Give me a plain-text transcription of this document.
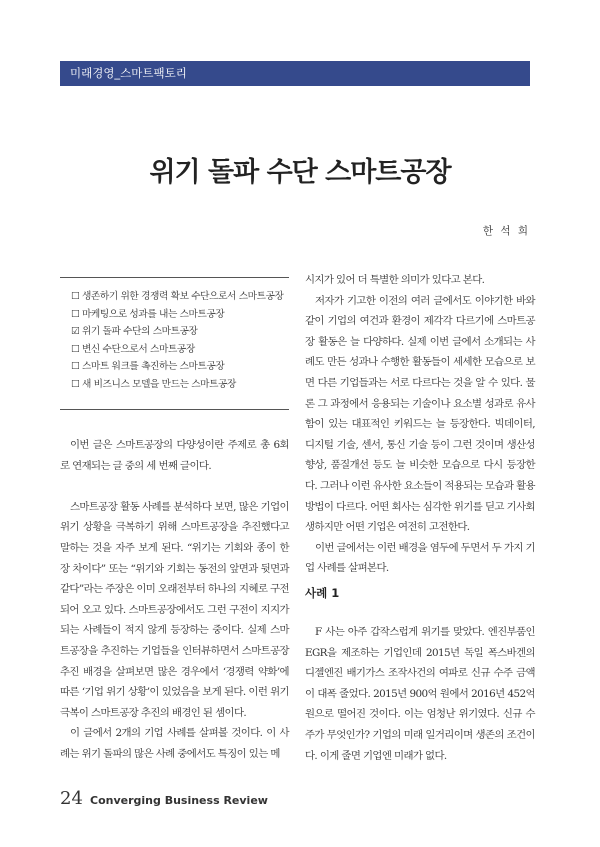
미래경영_스마트팩토리
위기 돌파 수단 스마트공장
한 석 희
☐ 생존하기 위한 경쟁력 확보 수단으로서 스마트공장
☐ 마케팅으로 성과를 내는 스마트공장
☑ 위기 돌파 수단의 스마트공장
☐ 변신 수단으로서 스마트공장
☐ 스마트 워크를 촉진하는 스마트공장
☐ 새 비즈니스 모델을 만드는 스마트공장

이번 글은 스마트공장의 다양성이란 주제로 총 6회로 연재되는 글 중의 세 번째 글이다.

스마트공장 활동 사례를 분석하다 보면, 많은 기업이 위기 상황을 극복하기 위해 스마트공장을 추진했다고 말하는 것을 자주 보게 된다. “위기는 기회와 종이 한 장 차이다” 또는 “위기와 기회는 동전의 앞면과 뒷면과 같다”라는 주장은 이미 오래전부터 하나의 지혜로 구전되어 오고 있다. 스마트공장에서도 그런 구전이 지지가 되는 사례들이 적지 않게 등장하는 중이다. 실제 스마트공장을 추진하는 기업들을 인터뷰하면서 스마트공장 추진 배경을 살펴보면 많은 경우에서 ‘경쟁력 약화’에 따른 ‘기업 위기 상황’이 있었음을 보게 된다. 이런 위기 극복이 스마트공장 추진의 배경인 된 셈이다.

이 글에서 2개의 기업 사례를 살펴볼 것이다. 이 사례는 위기 돌파의 많은 사례 중에서도 특징이 있는 메

시지가 있어 더 특별한 의미가 있다고 본다.

저자가 기고한 이전의 여러 글에서도 이야기한 바와 같이 기업의 여건과 환경이 제각각 다르기에 스마트공장 활동은 늘 다양하다. 실제 이번 글에서 소개되는 사례도 만든 성과나 수행한 활동들이 세세한 모습으로 보면 다른 기업들과는 서로 다르다는 것을 알 수 있다. 물론 그 과정에서 응용되는 기술이나 요소별 성과로 유사함이 있는 대표적인 키워드는 늘 등장한다. 빅데이터, 디지털 기술, 센서, 통신 기술 등이 그런 것이며 생산성 향상, 품질개선 등도 늘 비슷한 모습으로 다시 등장한다. 그러나 이런 유사한 요소들이 적용되는 모습과 활용 방법이 다르다. 어떤 회사는 심각한 위기를 딛고 기사회생하지만 어떤 기업은 여전히 고전한다.

이번 글에서는 이런 배경을 염두에 두면서 두 가지 기업 사례를 살펴본다.

사례 1

F 사는 아주 갑작스럽게 위기를 맞았다. 엔진부품인 EGR을 제조하는 기업인데 2015년 독일 폭스바겐의 디젤엔진 배기가스 조작사건의 여파로 신규 수주 금액이 대폭 줄었다. 2015년 900억 원에서 2016년 452억 원으로 떨어진 것이다. 이는 엄청난 위기였다. 신규 수주가 무엇인가? 기업의 미래 일거리이며 생존의 조건이다. 이게 줄면 기업엔 미래가 없다.

24 Converging Business Review
